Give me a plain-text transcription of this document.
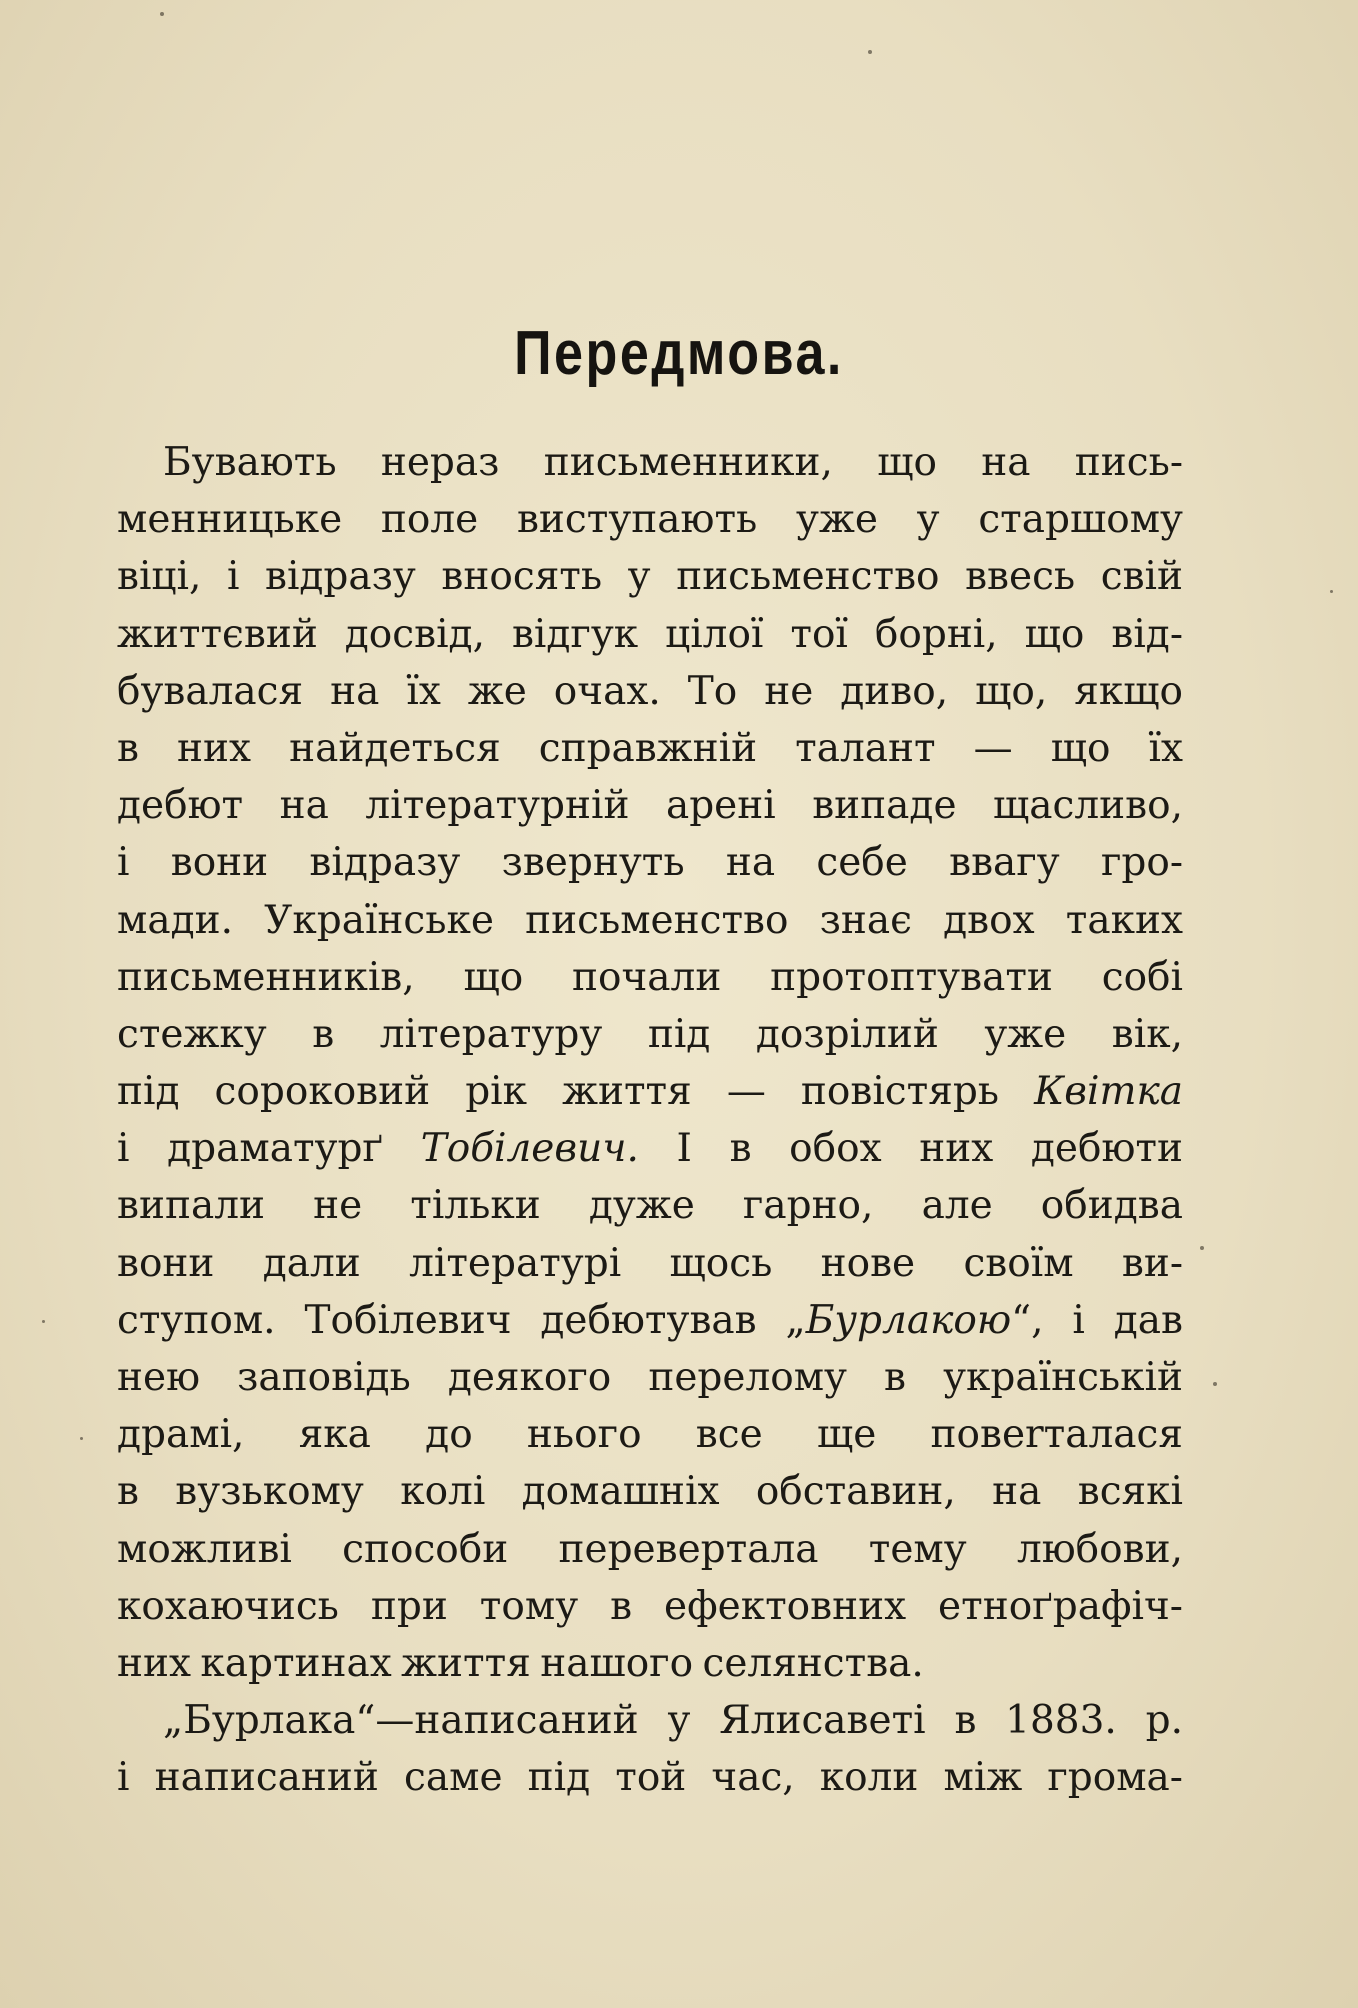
Передмова.
Бувають нераз письменники, що на пись-
менницьке поле виступають уже у старшому
віці, і відразу вносять у письменство ввесь свій
життєвий досвід, відгук цілої тої борні, що від-
бувалася на їх же очах. То не диво, що, якщо
в них найдеться справжній талант — що їх
дебют на літературній арені випаде щасливо,
і вони відразу звернуть на себе ввагу гро-
мади. Українське письменство знає двох таких
письменників, що почали протоптувати собі
стежку в літературу під дозрілий уже вік,
під сороковий рік життя — повістярь Квітка
і драматурґ Тобілевич. І в обох них дебюти
випали не тільки дуже гарно, але обидва
вони дали літературі щось нове своїм ви-
ступом. Тобілевич дебютував „Бурлакою“, і дав
нею заповідь деякого перелому в українській
драмі, яка до нього все ще повerталася
в вузькому колі домашніх обставин, на всякі
можливі способи перевертала тему любови,
кохаючись при тому в ефектовних етноґрафіч-
них картинах життя нашого селянства.
„Бурлака“—написаний у Ялисаветі в 1883. р.
і написаний саме під той час, коли між грома-
